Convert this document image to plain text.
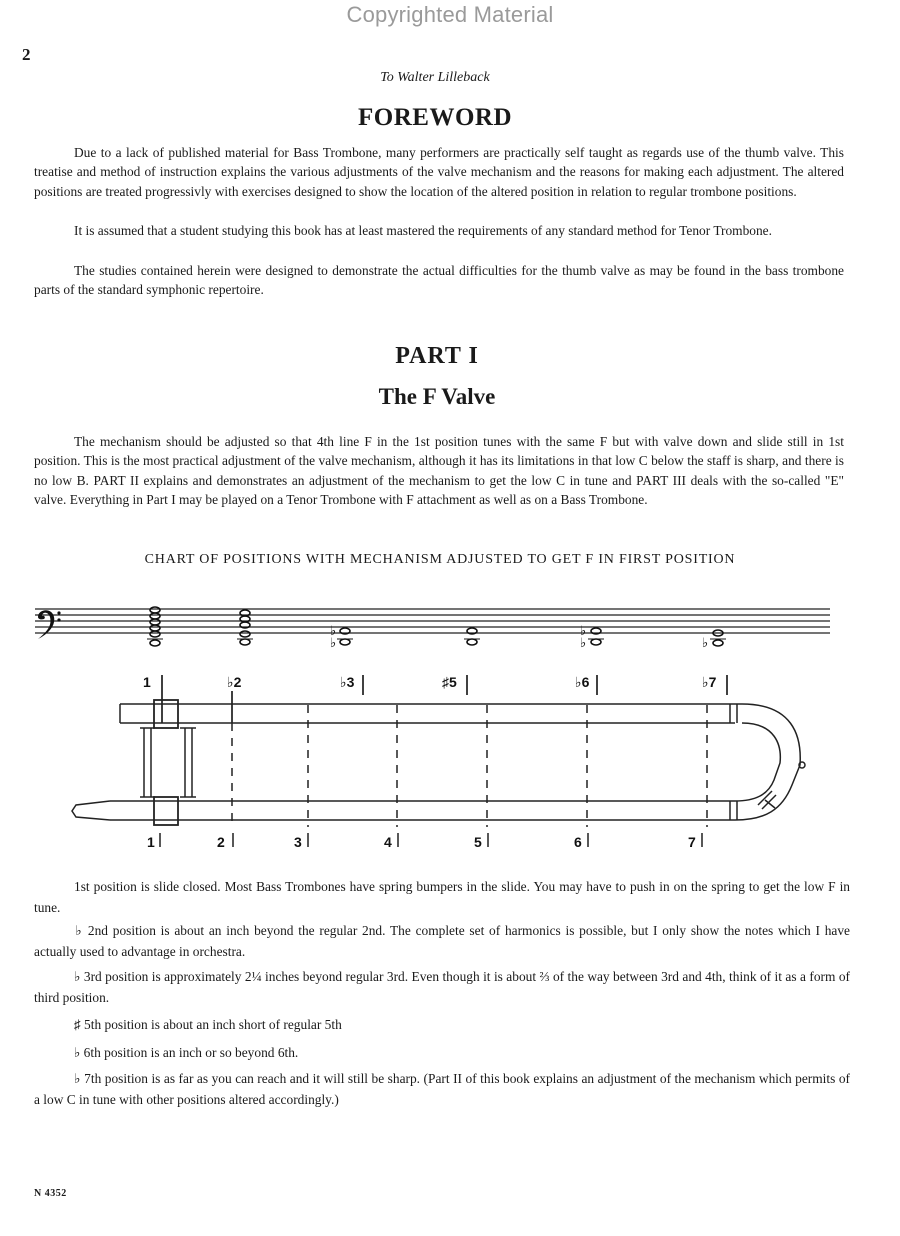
Copyrighted Material
2
To Walter Lilleback
FOREWORD

Due to a lack of published material for Bass Trombone, many performers are practically self taught as regards use of the thumb valve. This treatise and method of instruction explains the various adjustments of the valve mechanism and the reasons for making each adjustment. The altered positions are treated progressivly with exercises designed to show the location of the altered position in relation to regular trombone positions.

It is assumed that a student studying this book has at least mastered the requirements of any standard method for Tenor Trombone.

The studies contained herein were designed to demonstrate the actual difficulties for the thumb valve as may be found in the bass trombone parts of the standard symphonic repertoire.

PART I
The F Valve

The mechanism should be adjusted so that 4th line F in the 1st position tunes with the same F but with valve down and slide still in 1st position. This is the most practical adjustment of the valve mechanism, although it has its limitations in that low C below the staff is sharp, and there is no low B. PART II explains and demonstrates an adjustment of the mechanism to get the low C in tune and PART III deals with the so-called "E" valve. Everything in Part I may be played on a Tenor Trombone with F attachment as well as on a Bass Trombone.

CHART OF POSITIONS WITH MECHANISM ADJUSTED TO GET F IN FIRST POSITION
♭
♭
♭
♭	♭
1	♭2	♭3	♯5	♭6	♭7
1	2	3	4	5	6	7

1st position is slide closed. Most Bass Trombones have spring bumpers in the slide. You may have to push in on the spring to get the low F in tune.

♭ 2nd position is about an inch beyond the regular 2nd. The complete set of harmonics is possible, but I only show the notes which I have actually used to advantage in orchestra.

♭ 3rd position is approximately 2¼ inches beyond regular 3rd. Even though it is about ⅔ of the way between 3rd and 4th, think of it as a form of third position.

♯ 5th position is about an inch short of regular 5th

♭ 6th position is an inch or so beyond 6th.

♭ 7th position is as far as you can reach and it will still be sharp. (Part II of this book explains an adjustment of the mechanism which permits of a low C in tune with other positions altered accordingly.)

N 4352
